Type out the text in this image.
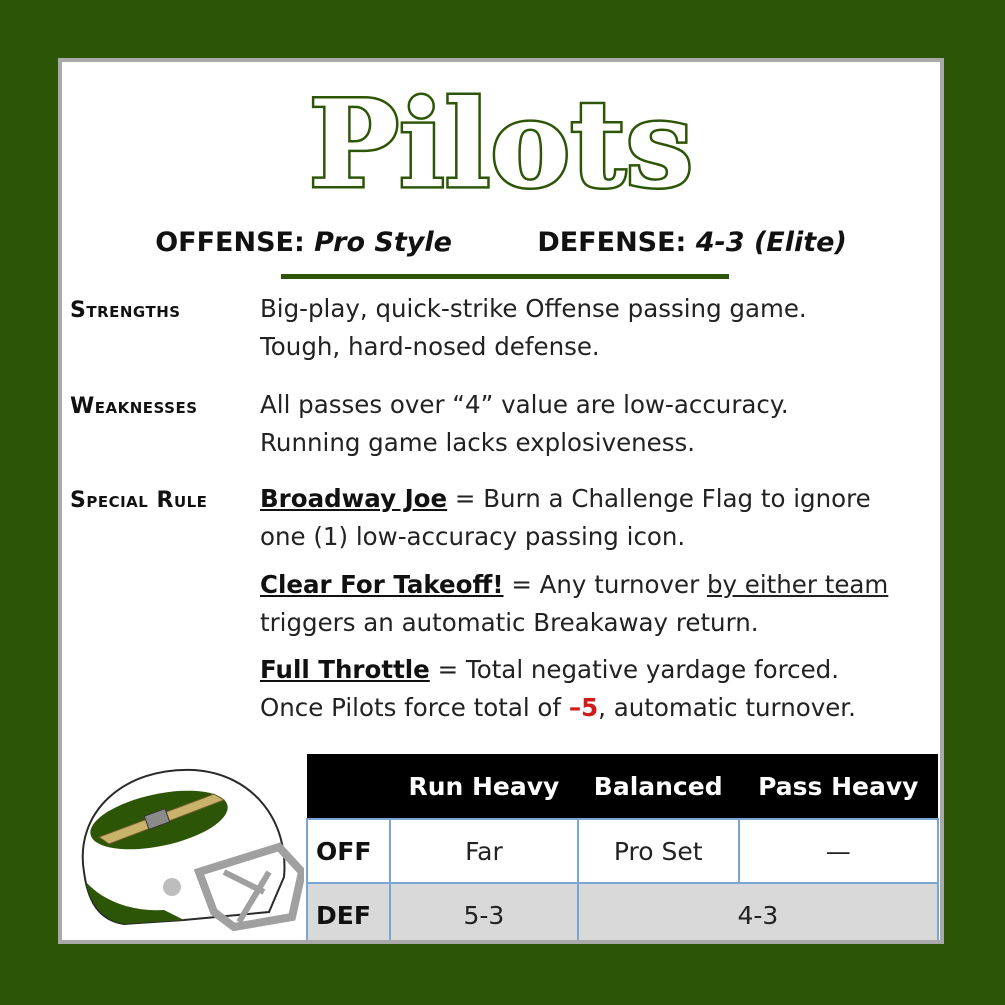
Pilots
OFFENSE: Pro Style	DEFENSE: 4-3 (Elite)
Strengths	Big-play, quick-strike Offense passing game.
Tough, hard-nosed defense.
Weaknesses	All passes over “4” value are low-accuracy.
Running game lacks explosiveness.
Special Rule Broadway Joe = Burn a Challenge Flag to ignore
one (1) low-accuracy passing icon.
Clear For Takeoff! = Any turnover by either team
triggers an automatic Breakaway return.
Full Throttle = Total negative yardage forced.
Once Pilots force total of –5, automatic turnover.
	Run Heavy	Balanced	Pass Heavy
OFF	Far	Pro Set	—
DEF	5-3	4-3	
